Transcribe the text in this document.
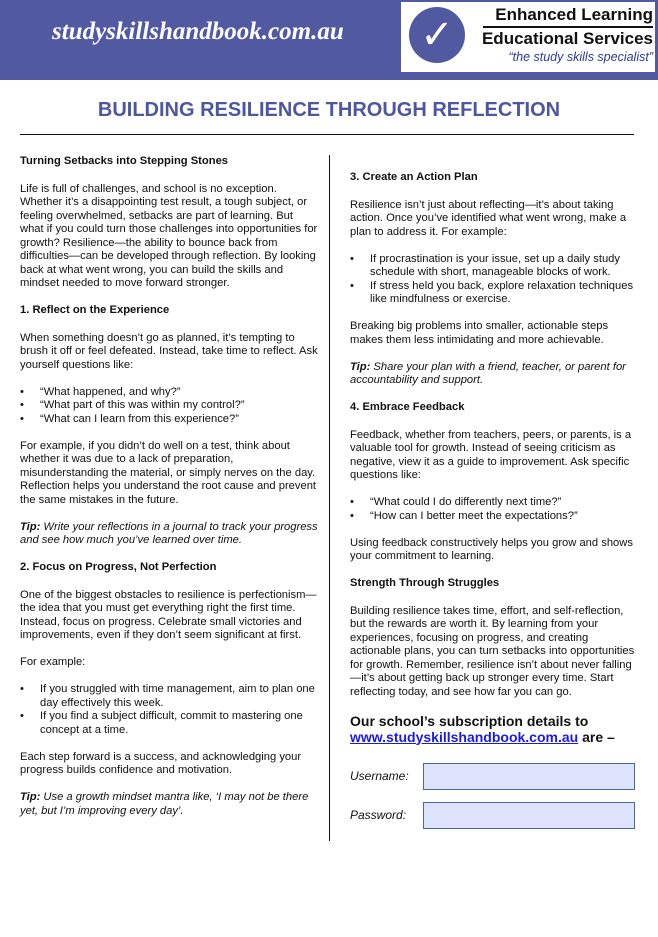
studyskillshandbook.com.au ✓	Enhanced Learning
Educational Services
“the study skills specialist”
BUILDING RESILIENCE THROUGH REFLECTION
Turning Setbacks into Stepping Stones
Life is full of challenges, and school is no exception. Whether it’s a disappointing test result, a tough subject, or feeling overwhelmed, setbacks are part of learning. But what if you could turn those challenges into opportunities for growth? Resilience—the ability to bounce back from difficulties—can be developed through reflection. By looking back at what went wrong, you can build the skills and mindset needed to move forward stronger.
1. Reflect on the Experience
When something doesn’t go as planned, it’s tempting to brush it off or feel defeated. Instead, take time to reflect. Ask yourself questions like:
• “What happened, and why?”
• “What part of this was within my control?”
• “What can I learn from this experience?”
For example, if you didn’t do well on a test, think about whether it was due to a lack of preparation, misunderstanding the material, or simply nerves on the day. Reflection helps you understand the root cause and prevent the same mistakes in the future.
Tip: Write your reflections in a journal to track your progress and see how much you’ve learned over time.
2. Focus on Progress, Not Perfection
One of the biggest obstacles to resilience is perfectionism—the idea that you must get everything right the first time. Instead, focus on progress. Celebrate small victories and improvements, even if they don’t seem significant at first.
For example:
• If you struggled with time management, aim to plan one day effectively this week.
• If you find a subject difficult, commit to mastering one concept at a time.
Each step forward is a success, and acknowledging your progress builds confidence and motivation.
Tip: Use a growth mindset mantra like, ‘I may not be there yet, but I’m improving every day’.
3. Create an Action Plan
Resilience isn’t just about reflecting—it’s about taking action. Once you’ve identified what went wrong, make a plan to address it. For example:
• If procrastination is your issue, set up a daily study schedule with short, manageable blocks of work.
• If stress held you back, explore relaxation techniques like mindfulness or exercise.
Breaking big problems into smaller, actionable steps makes them less intimidating and more achievable.
Tip: Share your plan with a friend, teacher, or parent for accountability and support.
4. Embrace Feedback
Feedback, whether from teachers, peers, or parents, is a valuable tool for growth. Instead of seeing criticism as negative, view it as a guide to improvement. Ask specific questions like:
• “What could I do differently next time?”
• “How can I better meet the expectations?”
Using feedback constructively helps you grow and shows your commitment to learning.
Strength Through Struggles
Building resilience takes time, effort, and self-reflection, but the rewards are worth it. By learning from your experiences, focusing on progress, and creating actionable plans, you can turn setbacks into opportunities for growth. Remember, resilience isn’t about never falling—it’s about getting back up stronger every time. Start reflecting today, and see how far you can go.
Our school’s subscription details to
www.studyskillshandbook.com.au are –
Username:
Password:
